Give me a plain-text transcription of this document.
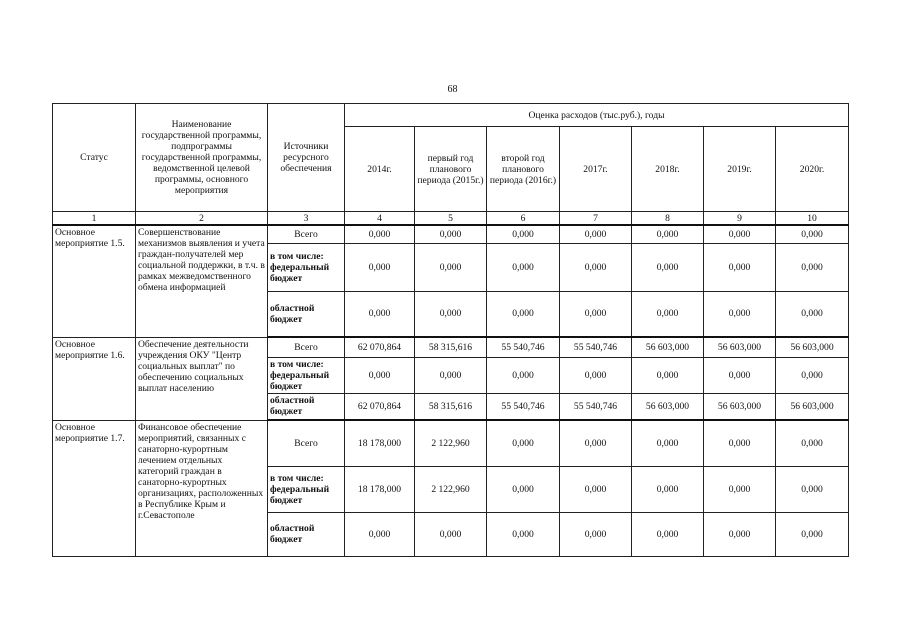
68
Статус	Наименование государственной программы, подпрограммы государственной программы, ведомственной целевой программы, основного мероприятия	Источники ресурсного обеспечения	Оценка расходов (тыс.руб.), годы						
			2014г.	первый год планового периода (2015г.)	второй год планового периода (2016г.)	2017г.	2018г.	2019г.	2020г.
1	2	3	4	5	6	7	8	9	10
Основное мероприятие 1.5.	Совершенствование механизмов выявления и учета граждан-получателей мер социальной поддержки, в т.ч. в рамках межведомственного обмена информацией	Всего	0,000	0,000	0,000	0,000	0,000	0,000	0,000
		в том числе: федеральный бюджет	0,000	0,000	0,000	0,000	0,000	0,000	0,000
		областной бюджет	0,000	0,000	0,000	0,000	0,000	0,000	0,000
Основное мероприятие 1.6.	Обеспечение деятельности учреждения ОКУ "Центр социальных выплат" по обеспечению социальных выплат населению	Всего	62 070,864	58 315,616	55 540,746	55 540,746	56 603,000	56 603,000	56 603,000
		в том числе: федеральный бюджет	0,000	0,000	0,000	0,000	0,000	0,000	0,000
		областной бюджет	62 070,864	58 315,616	55 540,746	55 540,746	56 603,000	56 603,000	56 603,000
Основное мероприятие 1.7.	Финансовое обеспечение мероприятий, связанных с санаторно-курортным лечением отдельных категорий граждан в санаторно-курортных организациях, расположенных в Республике Крым и г.Севастополе	Всего	18 178,000	2 122,960	0,000	0,000	0,000	0,000	0,000
		в том числе: федеральный бюджет	18 178,000	2 122,960	0,000	0,000	0,000	0,000	0,000
		областной бюджет	0,000	0,000	0,000	0,000	0,000	0,000	0,000
